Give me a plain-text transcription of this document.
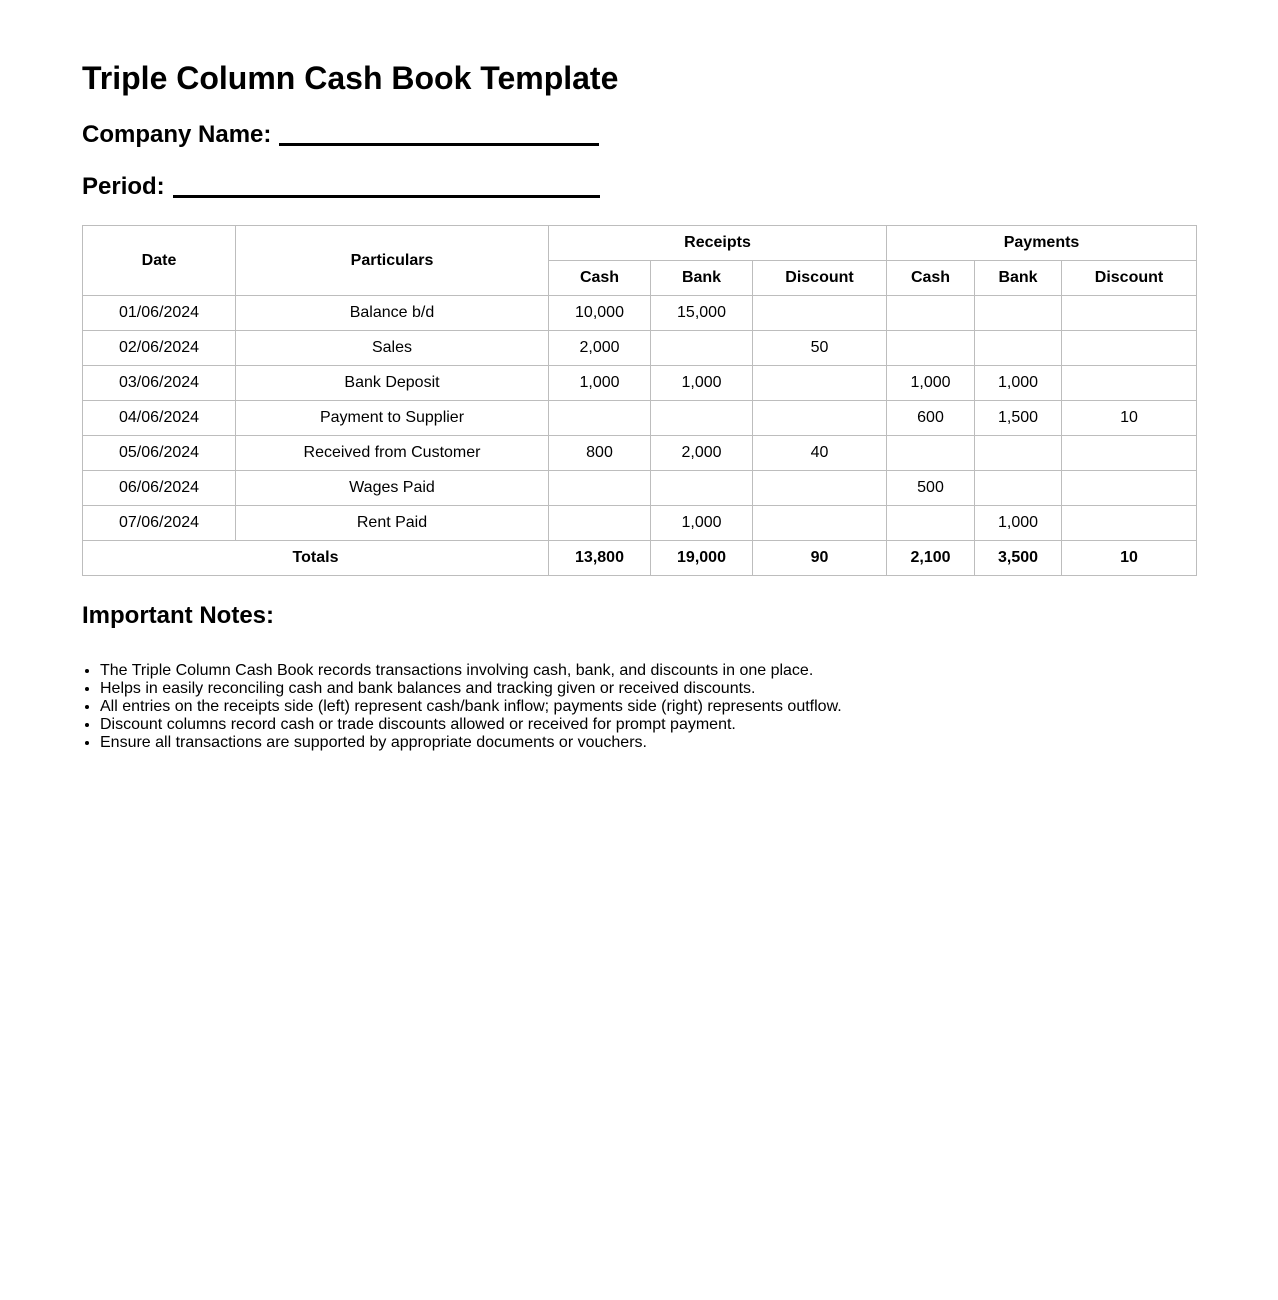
Triple Column Cash Book Template
Company Name:
Period:
Date	Particulars	Receipts			Payments		
		Cash	Bank	Discount	Cash	Bank	Discount
01/06/2024	Balance b/d	10,000	15,000				
02/06/2024	Sales	2,000		50			
03/06/2024	Bank Deposit	1,000	1,000		1,000	1,000	
04/06/2024	Payment to Supplier				600	1,500	10
05/06/2024	Received from Customer	800	2,000	40			
06/06/2024	Wages Paid				500		
07/06/2024	Rent Paid		1,000			1,000	
Totals		13,800	19,000	90	2,100	3,500	10
Important Notes:
• The Triple Column Cash Book records transactions involving cash, bank, and discounts in one place.
• Helps in easily reconciling cash and bank balances and tracking given or received discounts.
• All entries on the receipts side (left) represent cash/bank inflow; payments side (right) represents outflow.
• Discount columns record cash or trade discounts allowed or received for prompt payment.
• Ensure all transactions are supported by appropriate documents or vouchers.
